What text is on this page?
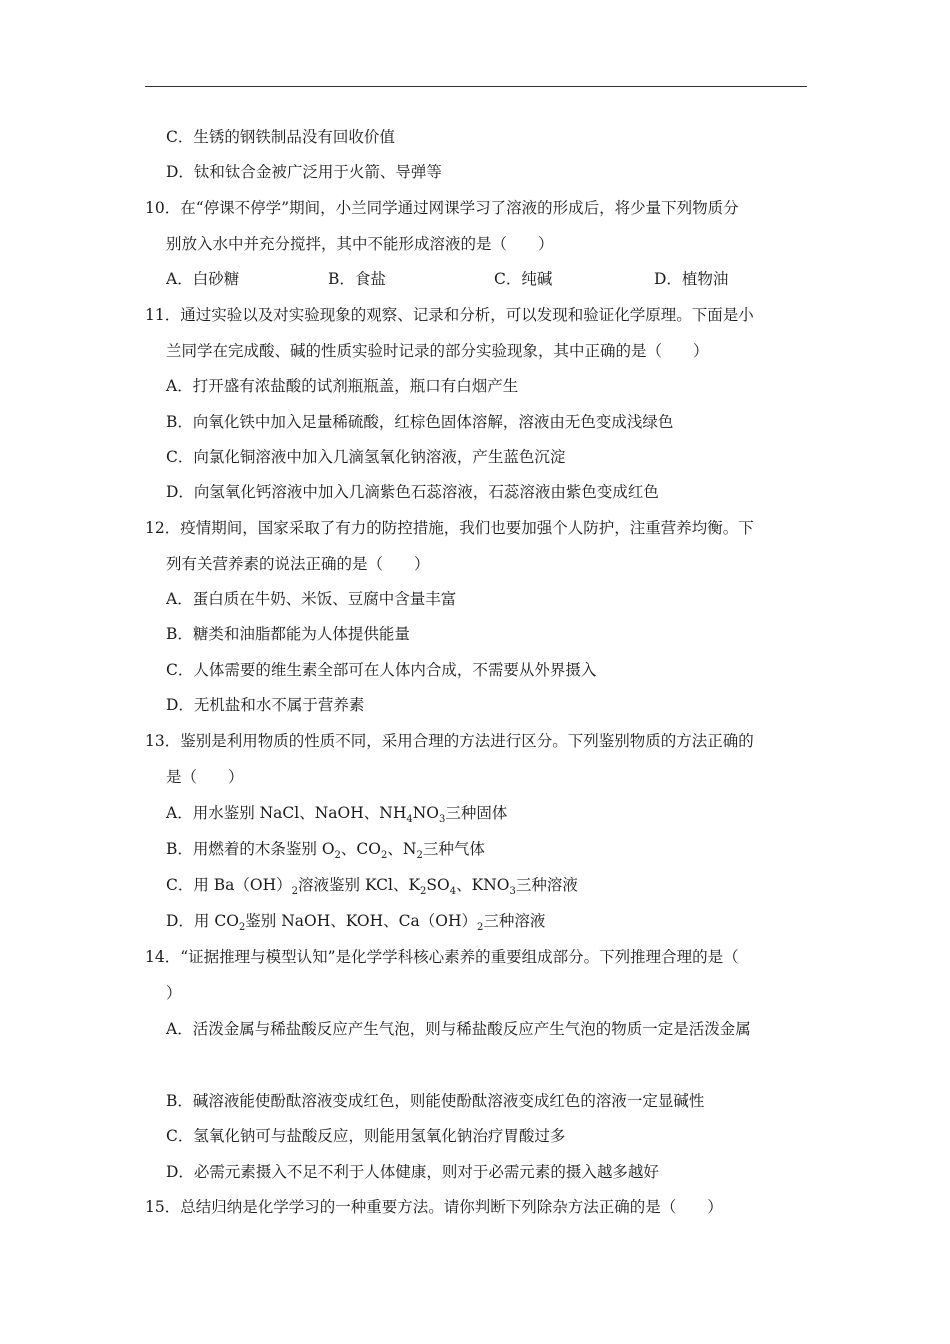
C．生锈的钢铁制品没有回收价值
D．钛和钛合金被广泛用于火箭、导弹等
10．在“停课不停学”期间，小兰同学通过网课学习了溶液的形成后，将少量下列物质分
别放入水中并充分搅拌，其中不能形成溶液的是（　　）
A．白砂糖	B．食盐	C．纯碱	D．植物油
11．通过实验以及对实验现象的观察、记录和分析，可以发现和验证化学原理。下面是小
兰同学在完成酸、碱的性质实验时记录的部分实验现象，其中正确的是（　　）
A．打开盛有浓盐酸的试剂瓶瓶盖，瓶口有白烟产生
B．向氧化铁中加入足量稀硫酸，红棕色固体溶解，溶液由无色变成浅绿色
C．向氯化铜溶液中加入几滴氢氧化钠溶液，产生蓝色沉淀
D．向氢氧化钙溶液中加入几滴紫色石蕊溶液，石蕊溶液由紫色变成红色
12．疫情期间，国家采取了有力的防控措施，我们也要加强个人防护，注重营养均衡。下
列有关营养素的说法正确的是（　　）
A．蛋白质在牛奶、米饭、豆腐中含量丰富
B．糖类和油脂都能为人体提供能量
C．人体需要的维生素全部可在人体内合成，不需要从外界摄入
D．无机盐和水不属于营养素
13．鉴别是利用物质的性质不同，采用合理的方法进行区分。下列鉴别物质的方法正确的
是（　　）
A．用水鉴别 NaCl、NaOH、$NH_4NO_3$三种固体
B．用燃着的木条鉴别 $O_2$、$CO_2$、$N_2$三种气体
C．用 $Ba(OH)_2$溶液鉴别 KCl、$K_2SO_4$、$KNO_3$三种溶液
D．用 $CO_2$鉴别 NaOH、KOH、$Ca(OH)_2$三种溶液
14．“证据推理与模型认知”是化学学科核心素养的重要组成部分。下列推理合理的是（
）
A．活泼金属与稀盐酸反应产生气泡，则与稀盐酸反应产生气泡的物质一定是活泼金属
B．碱溶液能使酚酞溶液变成红色，则能使酚酞溶液变成红色的溶液一定显碱性
C．氢氧化钠可与盐酸反应，则能用氢氧化钠治疗胃酸过多
D．必需元素摄入不足不利于人体健康，则对于必需元素的摄入越多越好
15．总结归纳是化学学习的一种重要方法。请你判断下列除杂方法正确的是（　　）
